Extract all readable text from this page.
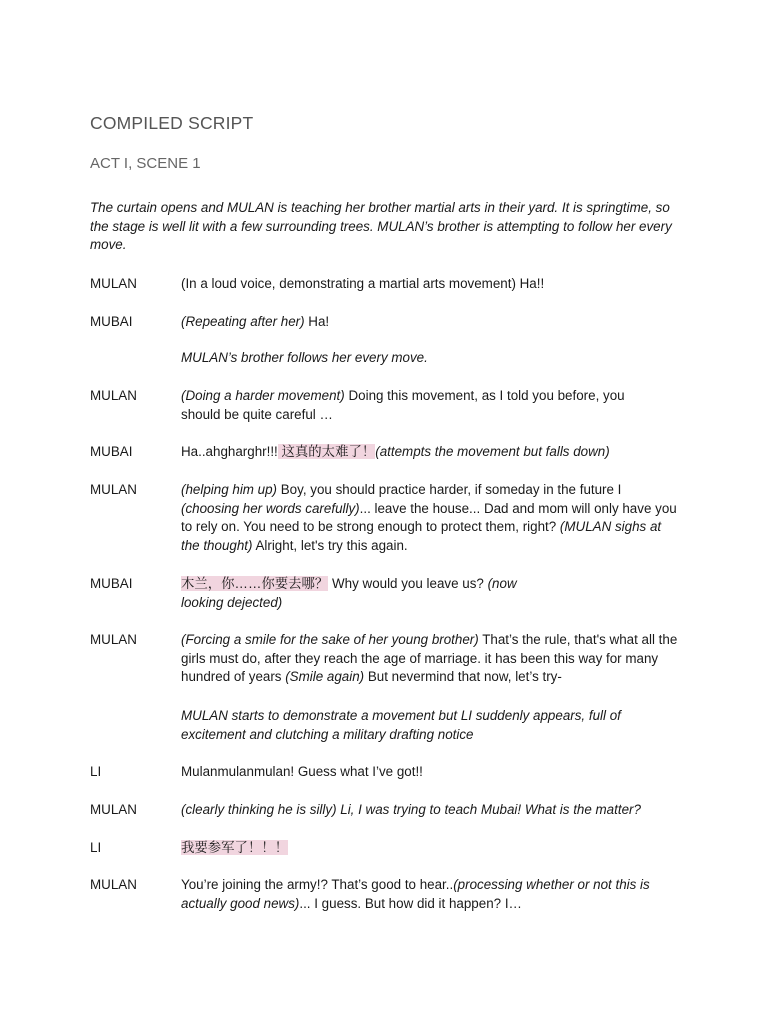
COMPILED SCRIPT
ACT I, SCENE 1
The curtain opens and MULAN is teaching her brother martial arts in their yard. It is springtime, so the stage is well lit with a few surrounding trees. MULAN’s brother is attempting to follow her every move.
MULAN	(In a loud voice, demonstrating a martial arts movement) Ha!!
MUBAI	(Repeating after her) Ha!
MULAN’s brother follows her every move.
MULAN	(Doing a harder movement) Doing this movement, as I told you before, you should be quite careful …
MUBAI	Ha..ahgharghr!!! 这真的太难了！(attempts the movement but falls down)
MULAN	(helping him up) Boy, you should practice harder, if someday in the future I (choosing her words carefully)... leave the house... Dad and mom will only have you to rely on. You need to be strong enough to protect them, right? (MULAN sighs at the thought) Alright, let's try this again.
MUBAI	木兰，你……你要去哪？ Why would you leave us? (now looking dejected)
MULAN	(Forcing a smile for the sake of her young brother) That’s the rule, that's what all the girls must do, after they reach the age of marriage. it has been this way for many hundred of years (Smile again) But nevermind that now, let’s try-
MULAN starts to demonstrate a movement but LI suddenly appears, full of excitement and clutching a military drafting notice
LI	Mulanmulanmulan! Guess what I’ve got!!
MULAN	(clearly thinking he is silly) Li, I was trying to teach Mubai! What is the matter?
LI	我要参军了！！！
MULAN	You’re joining the army!? That’s good to hear..(processing whether or not this is actually good news)... I guess. But how did it happen? I…
